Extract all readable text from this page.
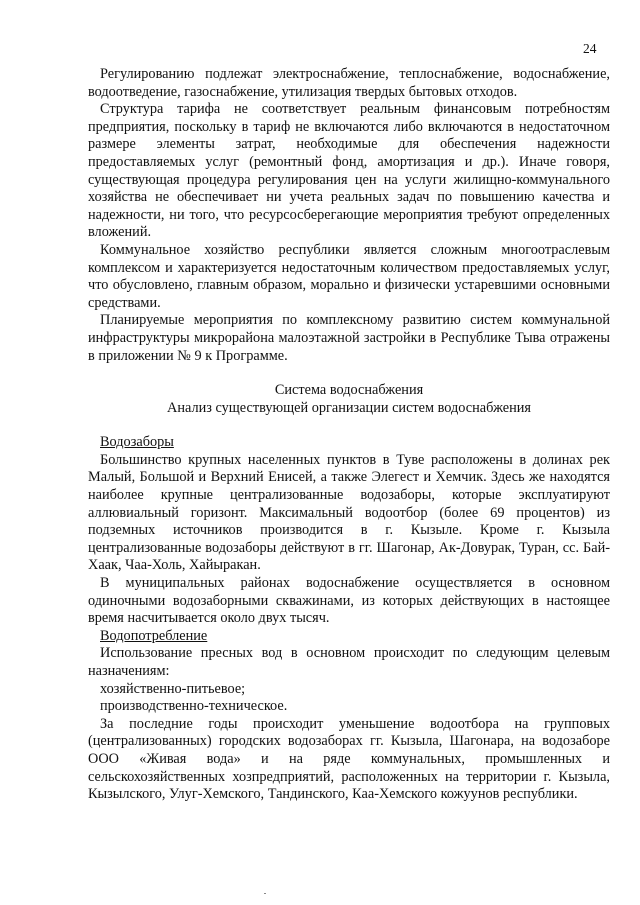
24

Регулированию подлежат электроснабжение, теплоснабжение, водоснабжение, водоотведение, газоснабжение, утилизация твердых бытовых отходов.

Структура тарифа не соответствует реальным финансовым потребностям предприятия, поскольку в тариф не включаются либо включаются в недостаточном размере элементы затрат, необходимые для обеспечения надежности предоставляемых услуг (ремонтный фонд, амортизация и др.). Иначе говоря, существующая процедура регулирования цен на услуги жилищно-коммунального хозяйства не обеспечивает ни учета реальных задач по повышению качества и надежности, ни того, что ресурсосберегающие мероприятия требуют определенных вложений.

Коммунальное хозяйство республики является сложным многоотраслевым комплексом и характеризуется недостаточным количеством предоставляемых услуг, что обусловлено, главным образом, морально и физически устаревшими основными средствами.

Планируемые мероприятия по комплексному развитию систем коммунальной инфраструктуры микрорайона малоэтажной застройки в Республике Тыва отражены в приложении № 9 к Программе.

Система водоснабжения

Анализ существующей организации систем водоснабжения

Водозаборы

Большинство крупных населенных пунктов в Туве расположены в долинах рек Малый, Большой и Верхний Енисей, а также Элегест и Хемчик. Здесь же находятся наиболее крупные централизованные водозаборы, которые эксплуатируют аллювиальный горизонт. Максимальный водоотбор (более 69 процентов) из подземных источников производится в г. Кызыле. Кроме г. Кызыла централизованные водозаборы действуют в гг. Шагонар, Ак-Довурак, Туран, сс. Бай-Хаак, Чаа-Холь, Хайыракан.

В муниципальных районах водоснабжение осуществляется в основном одиночными водозаборными скважинами, из которых действующих в настоящее время насчитывается около двух тысяч.

Водопотребление

Использование пресных вод в основном происходит по следующим целевым назначениям:

хозяйственно-питьевое;

производственно-техническое.

За последние годы происходит уменьшение водоотбора на групповых (централизованных) городских водозаборах гг. Кызыла, Шагонара, на водозаборе ООО «Живая вода» и на ряде коммунальных, промышленных и сельскохозяйственных хозпредприятий, расположенных на территории г. Кызыла, Кызылского, Улуг-Хемского, Тандинского, Каа-Хемского кожуунов республики.
